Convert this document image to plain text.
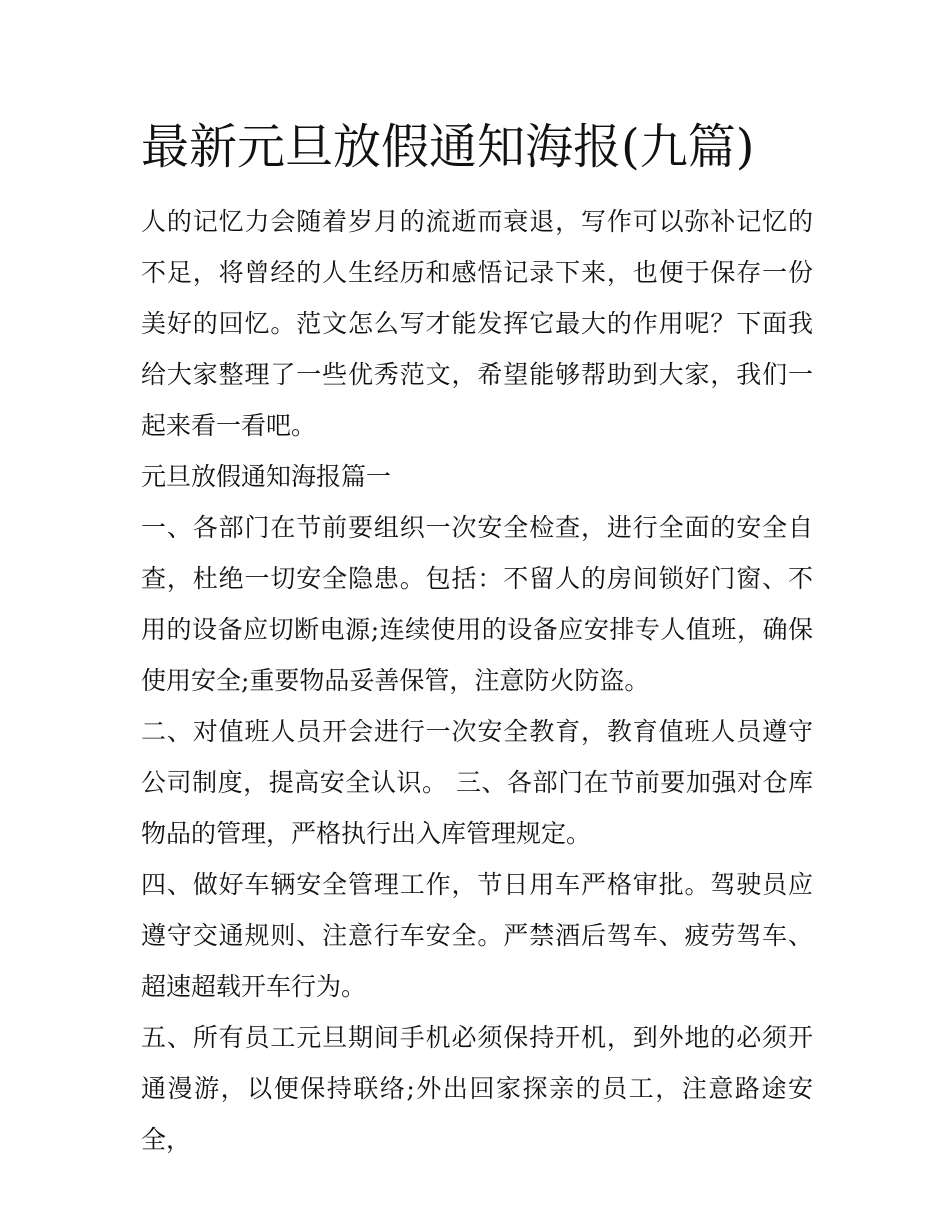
最新元旦放假通知海报(九篇)

人的记忆力会随着岁月的流逝而衰退，写作可以弥补记忆的不足，将曾经的人生经历和感悟记录下来，也便于保存一份美好的回忆。范文怎么写才能发挥它最大的作用呢？下面我给大家整理了一些优秀范文，希望能够帮助到大家，我们一起来看一看吧。

元旦放假通知海报篇一

一、各部门在节前要组织一次安全检查，进行全面的安全自查，杜绝一切安全隐患。包括：不留人的房间锁好门窗、不用的设备应切断电源;连续使用的设备应安排专人值班，确保使用安全;重要物品妥善保管，注意防火防盗。

二、对值班人员开会进行一次安全教育，教育值班人员遵守公司制度，提高安全认识。 三、各部门在节前要加强对仓库物品的管理，严格执行出入库管理规定。

四、做好车辆安全管理工作，节日用车严格审批。驾驶员应遵守交通规则、注意行车安全。严禁酒后驾车、疲劳驾车、超速超载开车行为。

五、所有员工元旦期间手机必须保持开机，到外地的必须开通漫游，以便保持联络;外出回家探亲的员工，注意路途安全，
